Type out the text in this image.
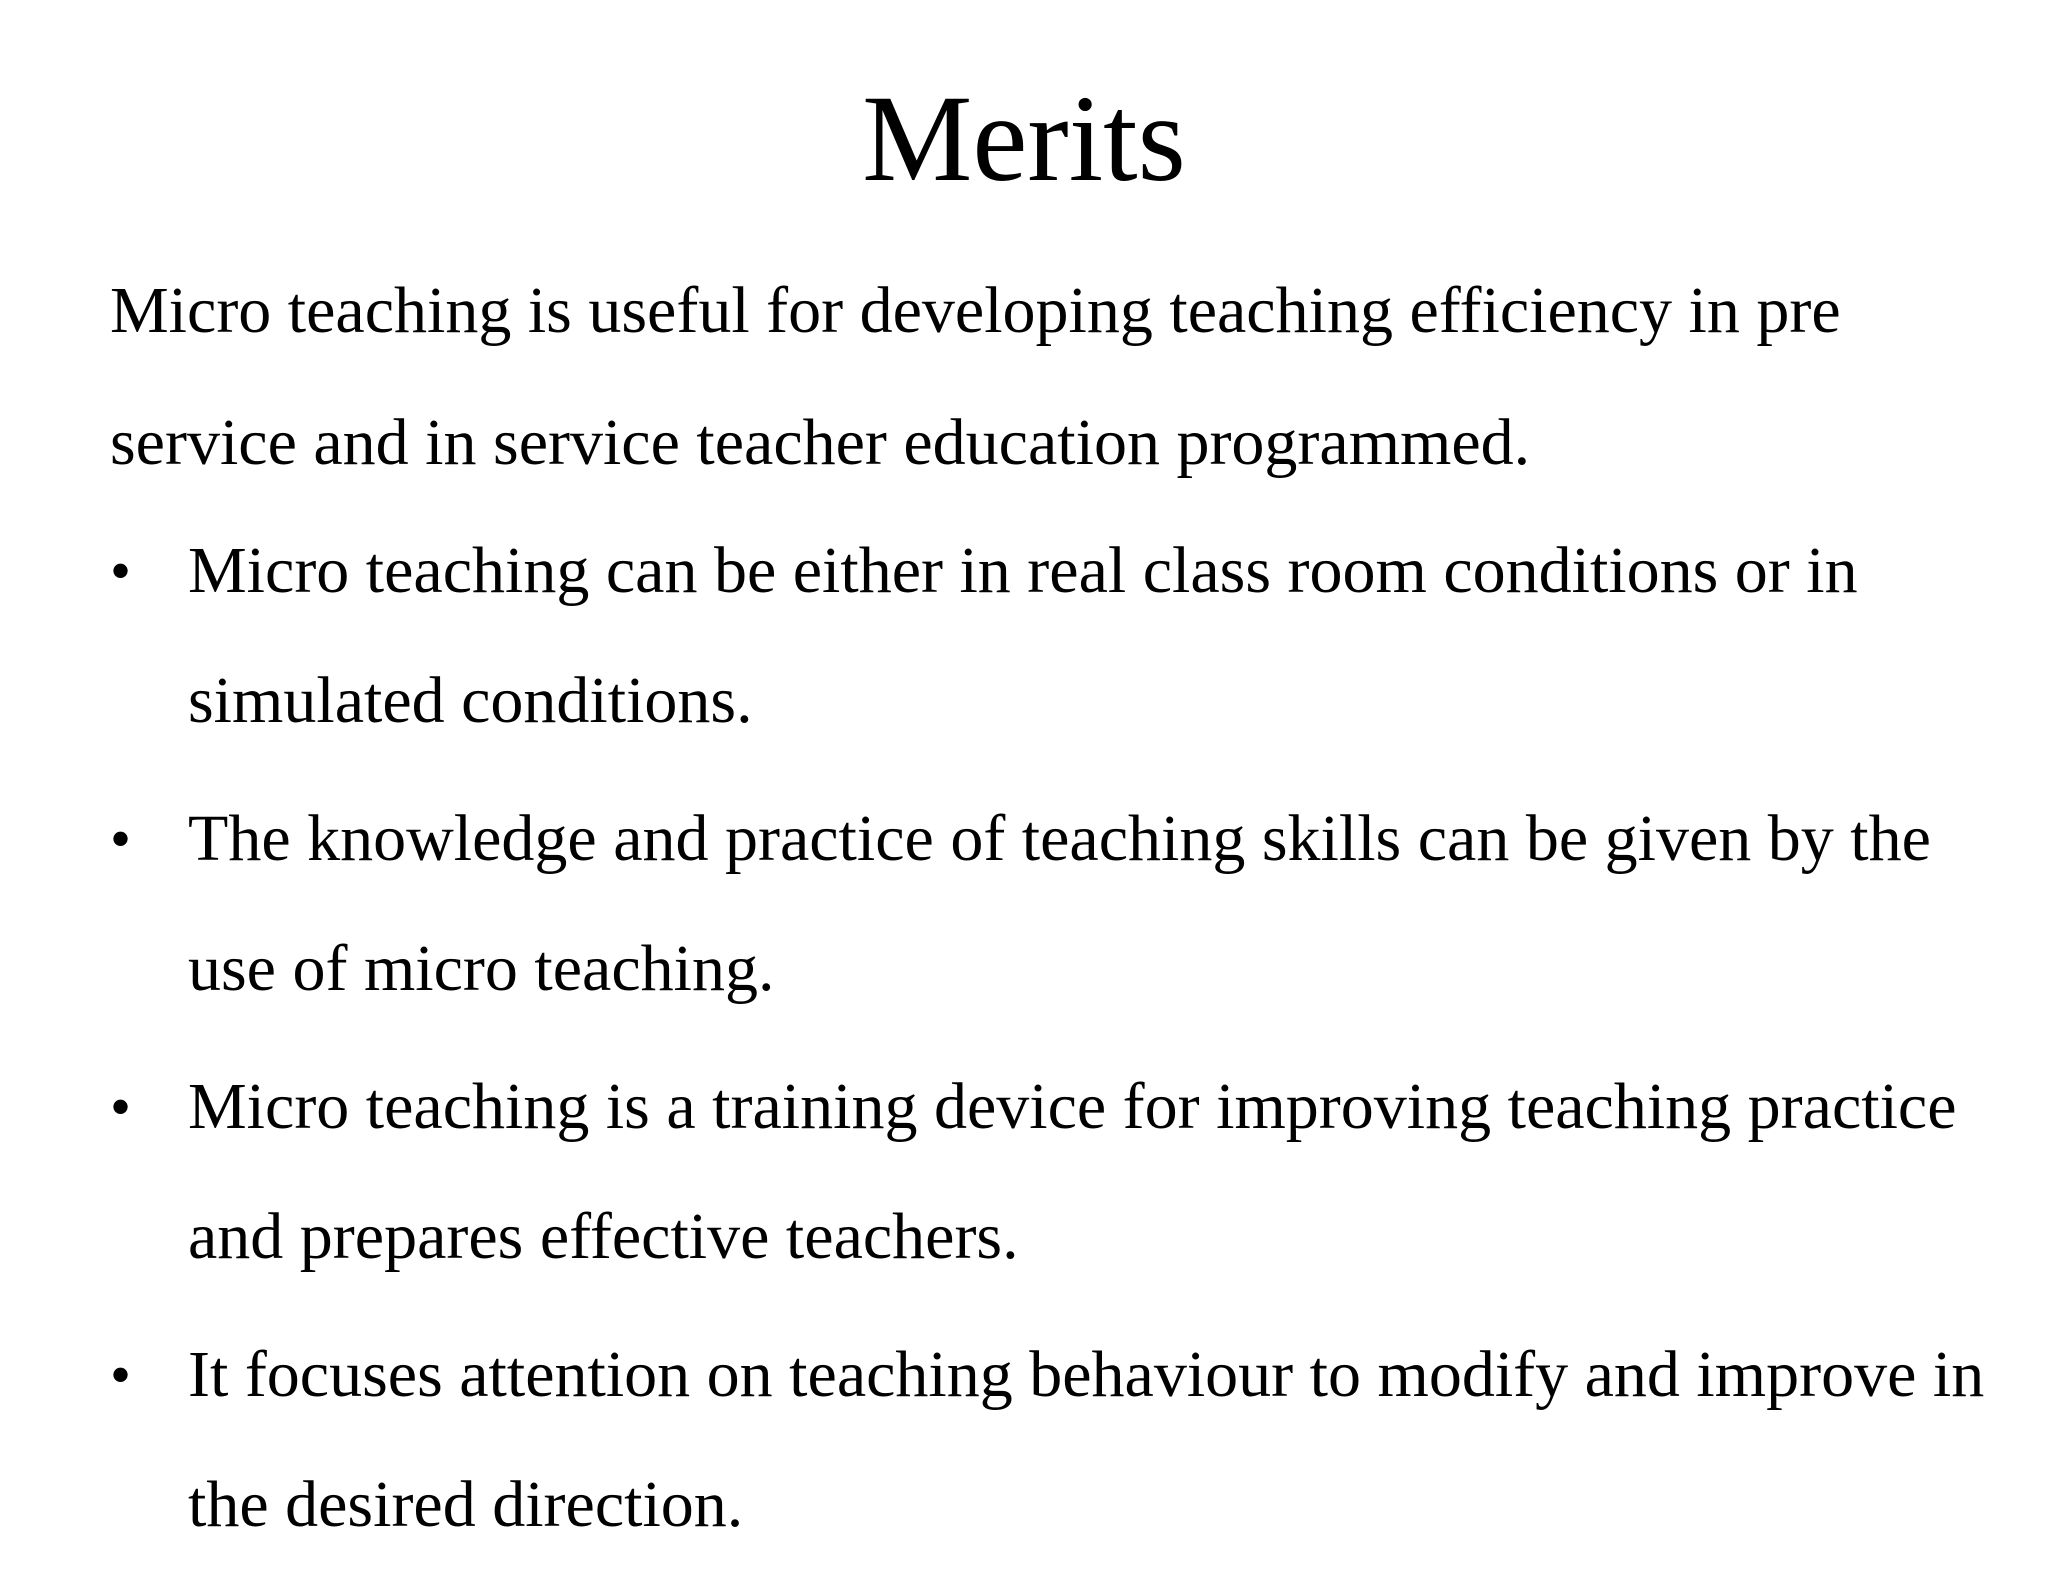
Merits

Micro teaching is useful for developing teaching efficiency in pre service and in service teacher education programmed.

• Micro teaching can be either in real class room conditions or in simulated conditions.
• The knowledge and practice of teaching skills can be given by the use of micro teaching.
• Micro teaching is a training device for improving teaching practice and prepares effective teachers.
• It focuses attention on teaching behaviour to modify and improve in the desired direction.
